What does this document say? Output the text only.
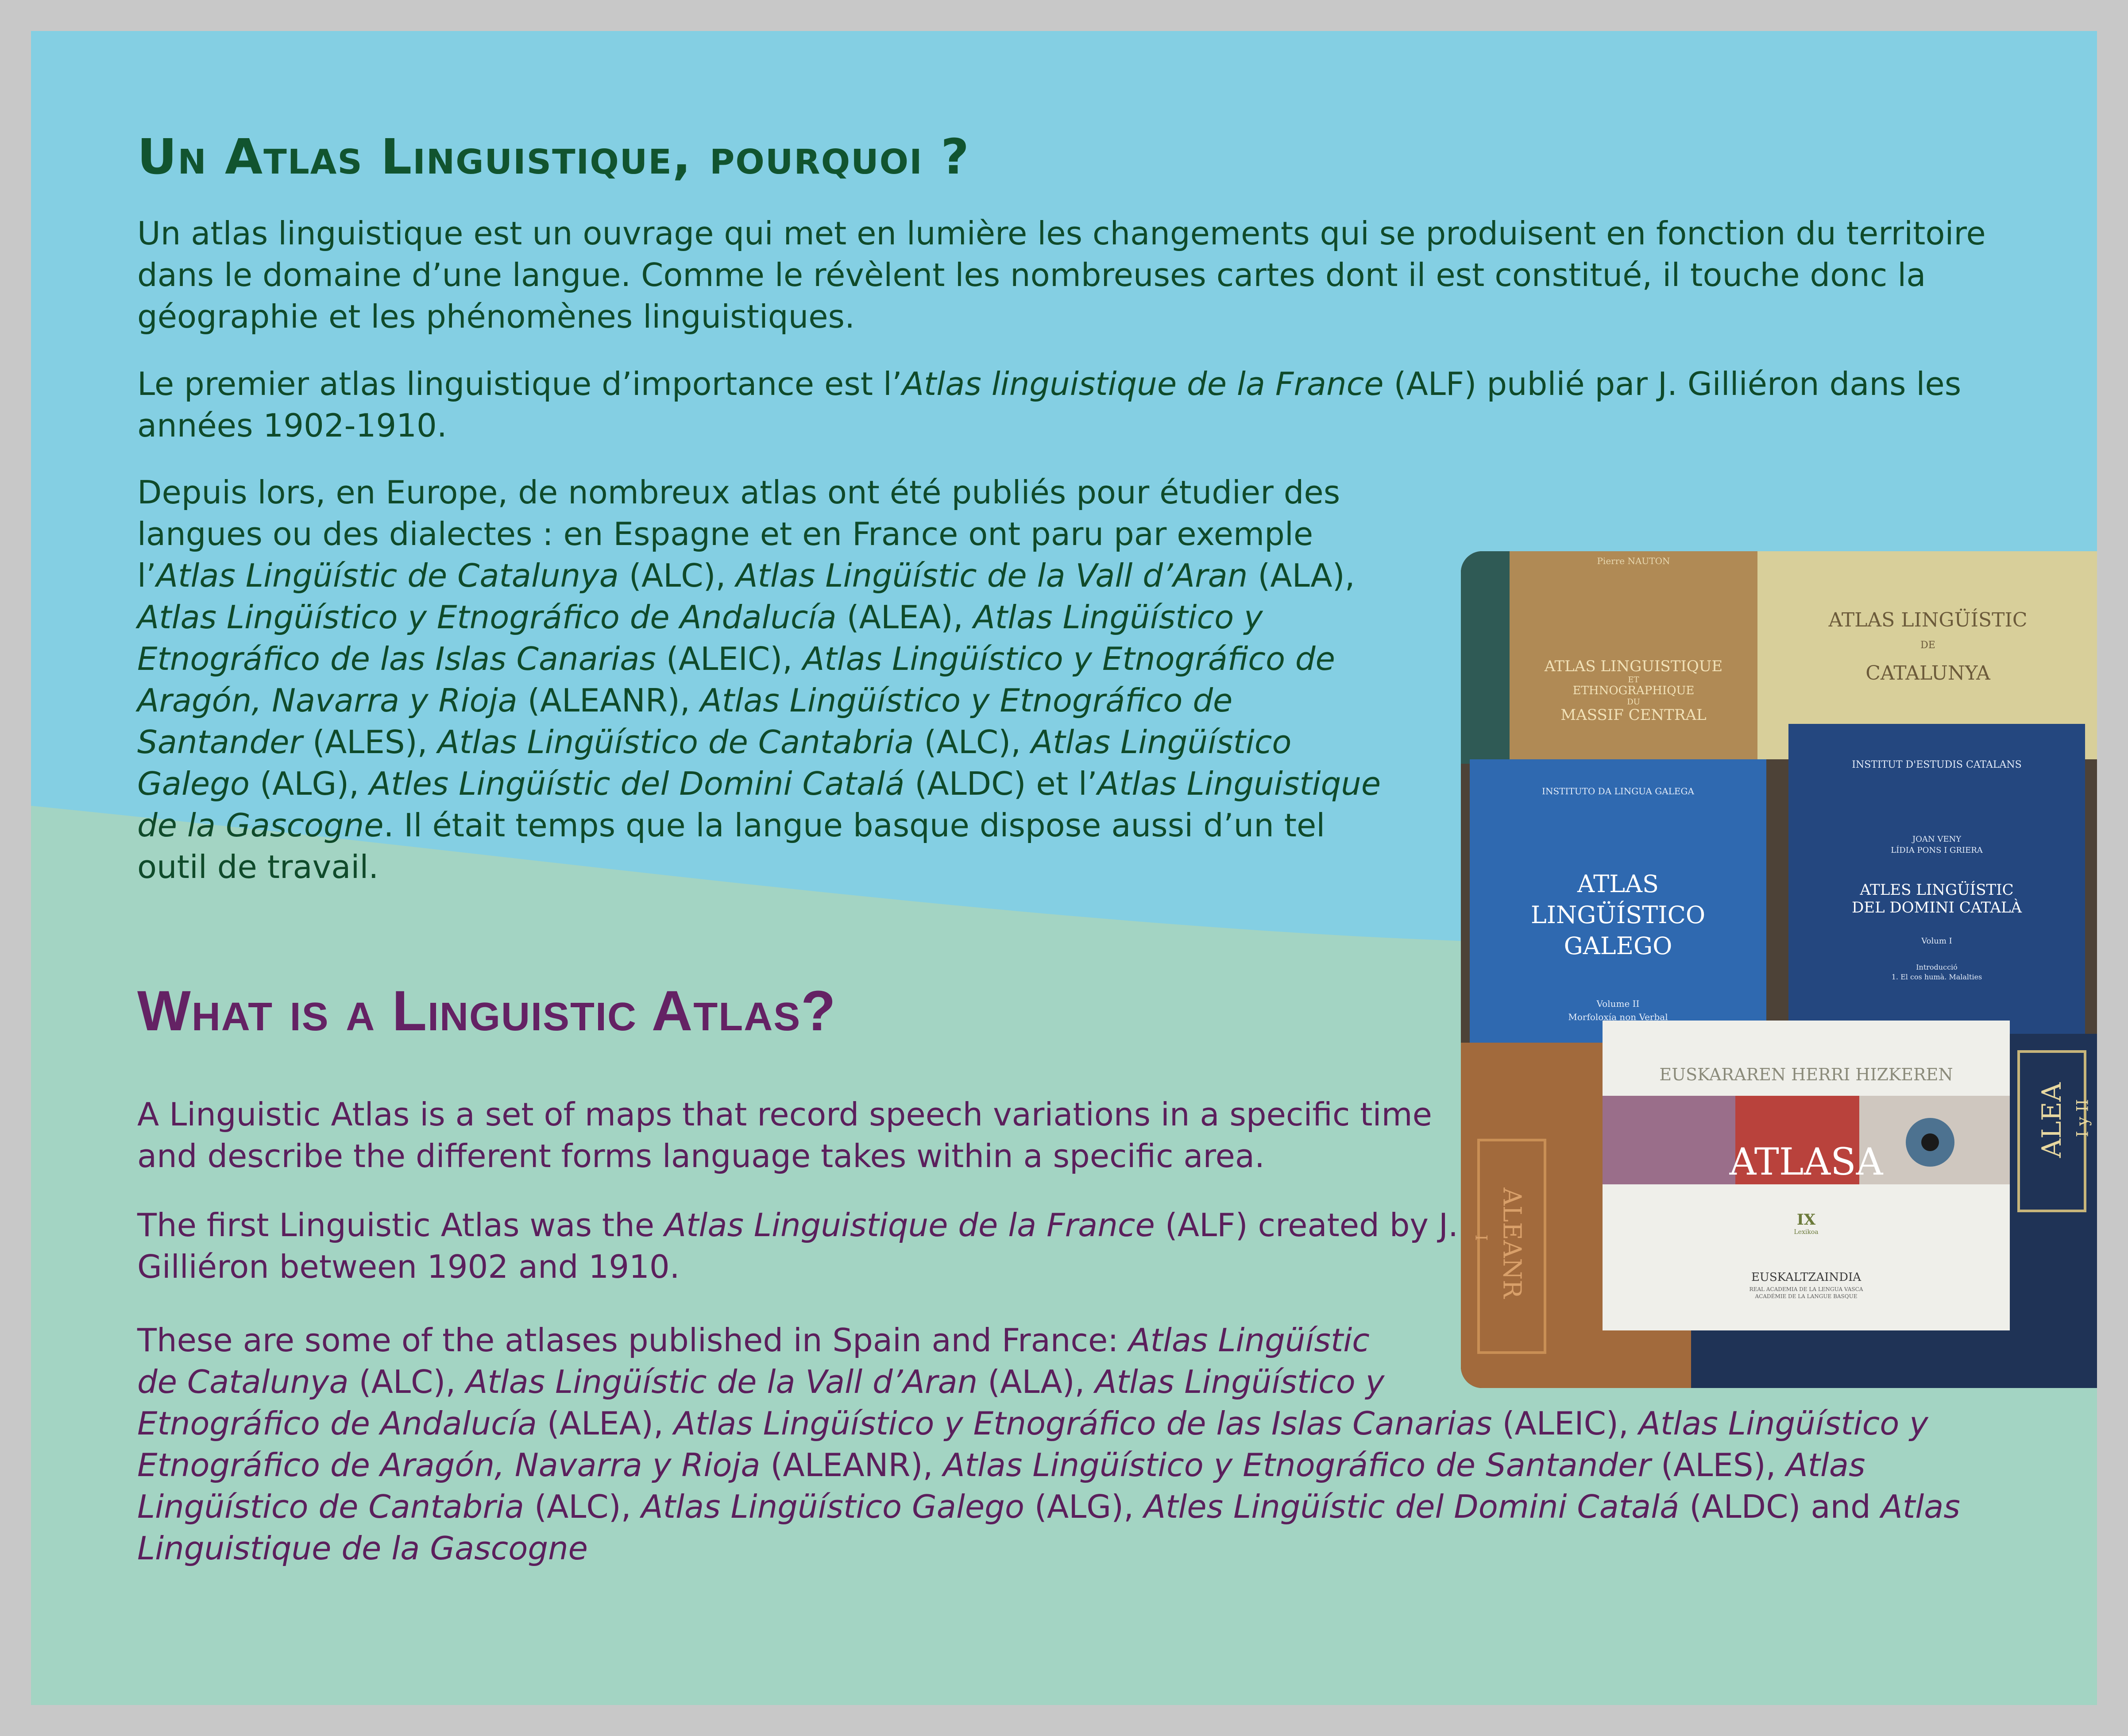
Un Atlas Linguistique, pourquoi ?

Un atlas linguistique est un ouvrage qui met en lumière les changements qui se produisent en fonction du territoire dans le domaine d’une langue. Comme le révèlent les nombreuses cartes dont il est constitué, il touche donc la géographie et les phénomènes linguistiques.

Le premier atlas linguistique d’importance est l’Atlas linguistique de la France (ALF) publié par J. Gilliéron dans les années 1902-1910.

Depuis lors, en Europe, de nombreux atlas ont été publiés pour étudier des langues ou des dialectes : en Espagne et en France ont paru par exemple l’Atlas Lingüístic de Catalunya (ALC), Atlas Lingüístic de la Vall d’Aran (ALA), Atlas Lingüístico y Etnográfico de Andalucía (ALEA), Atlas Lingüístico y Etnográfico de las Islas Canarias (ALEIC), Atlas Lingüístico y Etnográfico de Aragón, Navarra y Rioja (ALEANR), Atlas Lingüístico y Etnográfico de Santander (ALES), Atlas Lingüístico de Cantabria (ALC), Atlas Lingüístico Galego (ALG), Atles Lingüístic del Domini Catalá (ALDC) et l’Atlas Linguistique de la Gascogne. Il était temps que la langue basque dispose aussi d’un tel outil de travail.

What is a Linguistic Atlas?

A Linguistic Atlas is a set of maps that record speech variations in a specific time and describe the different forms language takes within a specific area.

The first Linguistic Atlas was the Atlas Linguistique de la France (ALF) created by J. Gilliéron between 1902 and 1910.

These are some of the atlases published in Spain and France: Atlas Lingüístic de Catalunya (ALC), Atlas Lingüístic de la Vall d’Aran (ALA), Atlas Lingüístico y Etnográfico de Andalucía (ALEA), Atlas Lingüístico y Etnográfico de las Islas Canarias (ALEIC), Atlas Lingüístico y Etnográfico de Aragón, Navarra y Rioja (ALEANR), Atlas Lingüístico y Etnográfico de Santander (ALES), Atlas Lingüístico de Cantabria (ALC), Atlas Lingüístico Galego (ALG), Atles Lingüístic del Domini Catalá (ALDC) and Atlas Linguistique de la Gascogne

Pierre NAUTON
ATLAS LINGUISTIQUE
ET
ETHNOGRAPHIQUE
DU
MASSIF CENTRAL
ATLAS LINGÜÍSTIC
DE
CATALUNYA
INSTITUTO DA LINGUA GALEGA
ATLAS
LINGÜÍSTICO
GALEGO
Volume II
Morfoloxía non Verbal
INSTITUT D'ESTUDIS CATALANS
JOAN VENY
LÍDIA PONS I GRIERA
ATLES LINGÜÍSTIC
DEL DOMINI CATALÀ
Volum I
Introducció
1. El cos humà. Malalties
EUSKARAREN HERRI HIZKEREN
ATLASA
IX
Lexikoa
EUSKALTZAINDIA
REAL ACADEMIA DE LA LENGUA VASCA
ACADÉMIE DE LA LANGUE BASQUE
ALEA I y II
ALEANR
I
